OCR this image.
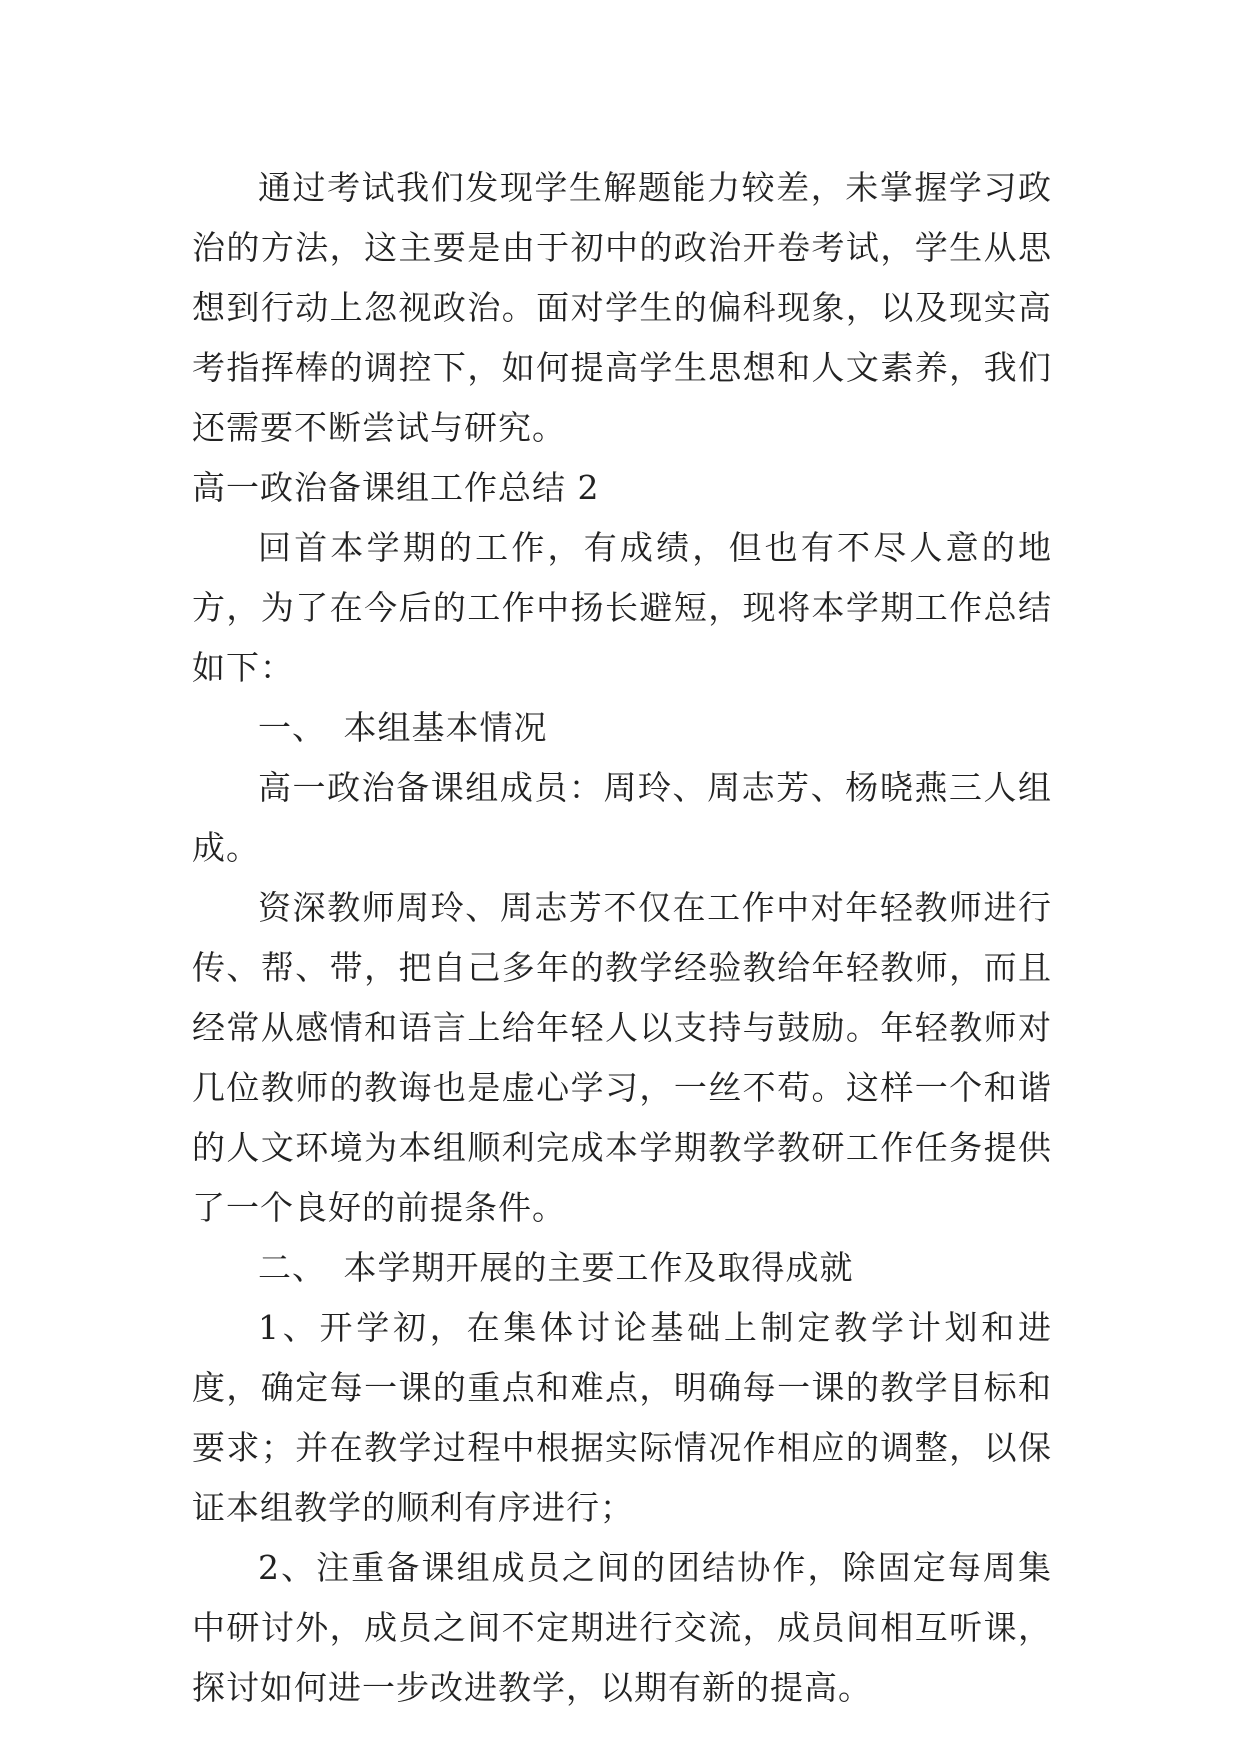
通过考试我们发现学生解题能力较差，未掌握学习政治的方法，这主要是由于初中的政治开卷考试，学生从思想到行动上忽视政治。面对学生的偏科现象，以及现实高考指挥棒的调控下，如何提高学生思想和人文素养，我们还需要不断尝试与研究。

高一政治备课组工作总结 2

回首本学期的工作，有成绩，但也有不尽人意的地方，为了在今后的工作中扬长避短，现将本学期工作总结如下：

一、　本组基本情况

高一政治备课组成员：周玲、周志芳、杨晓燕三人组成。

资深教师周玲、周志芳不仅在工作中对年轻教师进行传、帮、带，把自己多年的教学经验教给年轻教师，而且经常从感情和语言上给年轻人以支持与鼓励。年轻教师对几位教师的教诲也是虚心学习，一丝不苟。这样一个和谐的人文环境为本组顺利完成本学期教学教研工作任务提供了一个良好的前提条件。

二、　本学期开展的主要工作及取得成就

1、开学初，在集体讨论基础上制定教学计划和进度，确定每一课的重点和难点，明确每一课的教学目标和要求；并在教学过程中根据实际情况作相应的调整，以保证本组教学的顺利有序进行；

2、注重备课组成员之间的团结协作，除固定每周集中研讨外，成员之间不定期进行交流，成员间相互听课，探讨如何进一步改进教学，以期有新的提高。
